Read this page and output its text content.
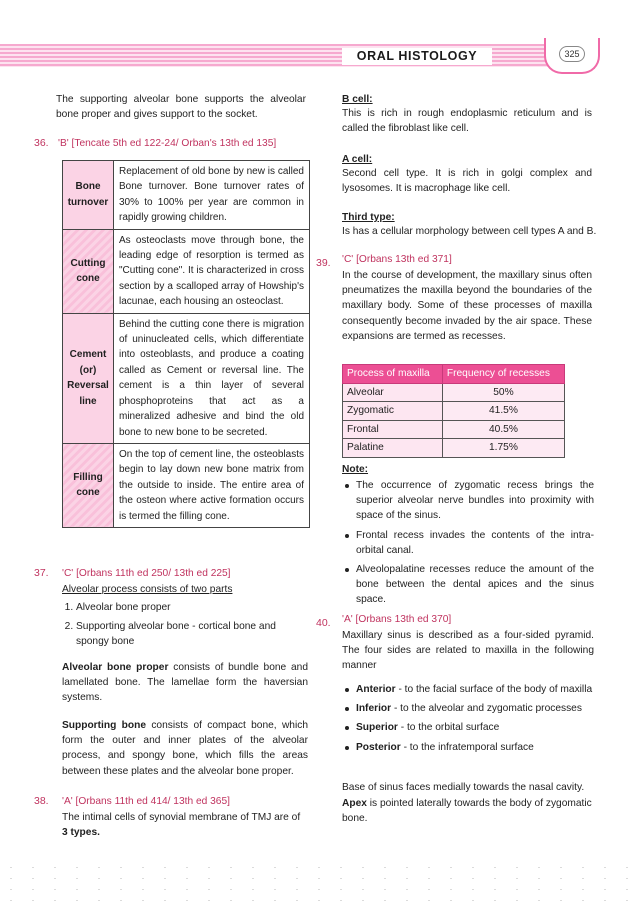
ORAL HISTOLOGY	325
The supporting alveolar bone supports the alveolar bone proper and gives support to the socket.
36. 'B' [Tencate 5th ed 122-24/ Orban's 13th ed 135]
Bone turnover	Replacement of old bone by new is called Bone turnover. Bone turnover rates of 30% to 100% per year are common in rapidly growing children.
Cutting cone	As osteoclasts move through bone, the leading edge of resorption is termed as "Cutting cone". It is characterized in cross section by a scalloped array of Howship's lacunae, each housing an osteoclast.
Cement (or) Reversal line	Behind the cutting cone there is migration of uninucleated cells, which differentiate into osteoblasts, and produce a coating called as Cement or reversal line. The cement is a thin layer of several phosphoproteins that act as a mineralized adhesive and bind the old bone to new bone to be secreted.
Filling cone	On the top of cement line, the osteoblasts begin to lay down new bone matrix from the outside to inside. The entire area of the osteon where active formation occurs is termed the filling cone.
37. 'C' [Orbans 11th ed 250/ 13th ed 225]
Alveolar process consists of two parts
1. Alveolar bone proper
2. Supporting alveolar bone - cortical bone and spongy bone
Alveolar bone proper consists of bundle bone and lamellated bone. The lamellae form the haversian systems.
Supporting bone consists of compact bone, which form the outer and inner plates of the alveolar process, and spongy bone, which fills the areas between these plates and the alveolar bone proper.
38. 'A' [Orbans 11th ed 414/ 13th ed 365]
The intimal cells of synovial membrane of TMJ are of 3 types.
B cell:
This is rich in rough endoplasmic reticulum and is called the fibroblast like cell.
A cell:
Second cell type. It is rich in golgi complex and lysosomes. It is macrophage like cell.
Third type:
Is has a cellular morphology between cell types A and B.
39. 'C' [Orbans 13th ed 371]
In the course of development, the maxillary sinus often pneumatizes the maxilla beyond the boundaries of the maxillary body. Some of these processes of maxilla consequently become invaded by the air space. These expansions are termed as recesses.
Process of maxilla	Frequency of recesses
Alveolar	50%
Zygomatic	41.5%
Frontal	40.5%
Palatine	1.75%
Note:
The occurrence of zygomatic recess brings the superior alveolar nerve bundles into proximity with space of the sinus.
Frontal recess invades the contents of the intra-orbital canal.
Alveolopalatine recesses reduce the amount of the bone between the dental apices and the sinus space.
40. 'A' [Orbans 13th ed 370]
Maxillary sinus is described as a four-sided pyramid. The four sides are related to maxilla in the following manner
Anterior - to the facial surface of the body of maxilla
Inferior - to the alveolar and zygomatic processes
Superior - to the orbital surface
Posterior - to the infratemporal surface
Base of sinus faces medially towards the nasal cavity.
Apex is pointed laterally towards the body of zygomatic bone.
